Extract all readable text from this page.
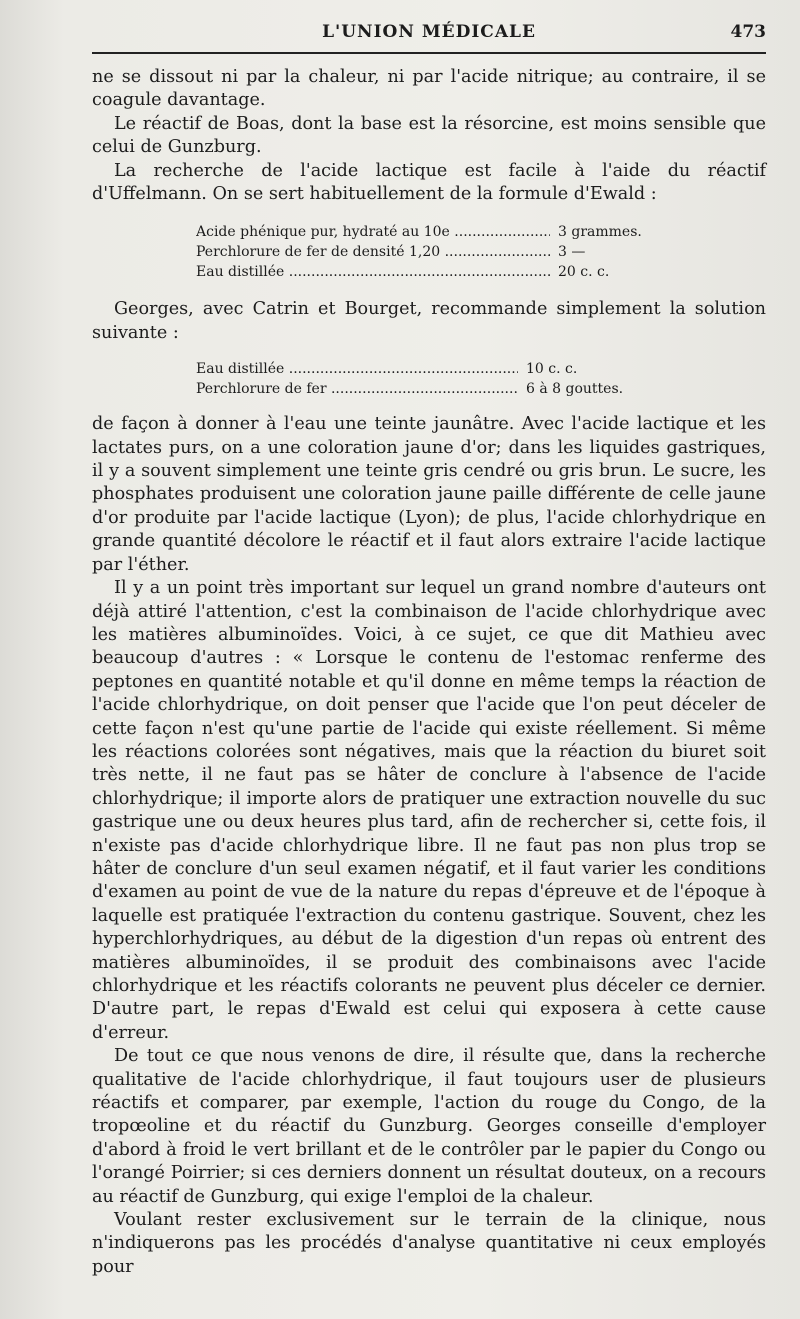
L'UNION MÉDICALE	473

ne se dissout ni par la chaleur, ni par l'acide nitrique; au contraire, il se coagule davantage.

Le réactif de Boas, dont la base est la résorcine, est moins sensible que celui de Gunzburg.

La recherche de l'acide lactique est facile à l'aide du réactif d'Uffelmann. On se sert habituellement de la formule d'Ewald :

Acide phénique pur, hydraté au 10e .....	3 grammes.
Perchlorure de fer de densité 1,20 .....	3 —
Eau distillée .....	20 c. c.

Georges, avec Catrin et Bourget, recommande simplement la solution suivante :

Eau distillée .....	10 c. c.
Perchlorure de fer .....	6 à 8 gouttes.

de façon à donner à l'eau une teinte jaunâtre. Avec l'acide lactique et les lactates purs, on a une coloration jaune d'or; dans les liquides gastriques, il y a souvent simplement une teinte gris cendré ou gris brun. Le sucre, les phosphates produisent une coloration jaune paille différente de celle jaune d'or produite par l'acide lactique (Lyon); de plus, l'acide chlorhydrique en grande quantité décolore le réactif et il faut alors extraire l'acide lactique par l'éther.

Il y a un point très important sur lequel un grand nombre d'auteurs ont déjà attiré l'attention, c'est la combinaison de l'acide chlorhydrique avec les matières albuminoïdes. Voici, à ce sujet, ce que dit Mathieu avec beaucoup d'autres : « Lorsque le contenu de l'estomac renferme des peptones en quantité notable et qu'il donne en même temps la réaction de l'acide chlorhydrique, on doit penser que l'acide que l'on peut déceler de cette façon n'est qu'une partie de l'acide qui existe réellement. Si même les réactions colorées sont négatives, mais que la réaction du biuret soit très nette, il ne faut pas se hâter de conclure à l'absence de l'acide chlorhydrique; il importe alors de pratiquer une extraction nouvelle du suc gastrique une ou deux heures plus tard, afin de rechercher si, cette fois, il n'existe pas d'acide chlorhydrique libre. Il ne faut pas non plus trop se hâter de conclure d'un seul examen négatif, et il faut varier les conditions d'examen au point de vue de la nature du repas d'épreuve et de l'époque à laquelle est pratiquée l'extraction du contenu gastrique. Souvent, chez les hyperchlorhydriques, au début de la digestion d'un repas où entrent des matières albuminoïdes, il se produit des combinaisons avec l'acide chlorhydrique et les réactifs colorants ne peuvent plus déceler ce dernier. D'autre part, le repas d'Ewald est celui qui exposera à cette cause d'erreur.

De tout ce que nous venons de dire, il résulte que, dans la recherche qualitative de l'acide chlorhydrique, il faut toujours user de plusieurs réactifs et comparer, par exemple, l'action du rouge du Congo, de la tropœoline et du réactif du Gunzburg. Georges conseille d'employer d'abord à froid le vert brillant et de le contrôler par le papier du Congo ou l'orangé Poirrier; si ces derniers donnent un résultat douteux, on a recours au réactif de Gunzburg, qui exige l'emploi de la chaleur.

Voulant rester exclusivement sur le terrain de la clinique, nous n'indiquerons pas les procédés d'analyse quantitative ni ceux employés pour
